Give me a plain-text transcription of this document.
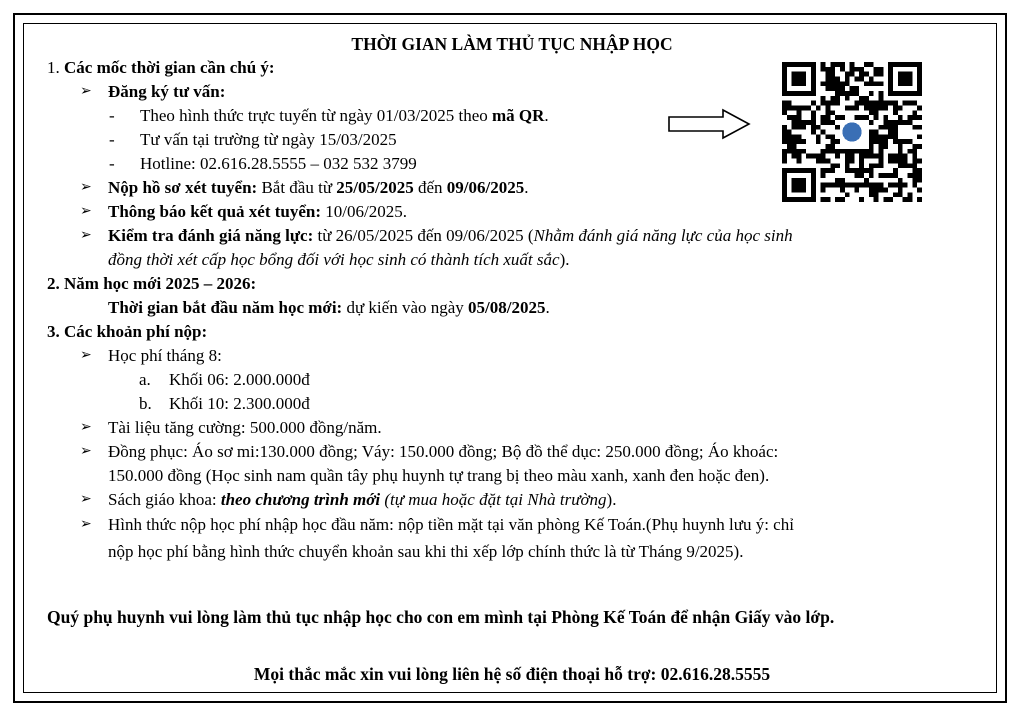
THỜI GIAN LÀM THỦ TỤC NHẬP HỌC
1. Các mốc thời gian cần chú ý:
➢ Đăng ký tư vấn:
- Theo hình thức trực tuyến từ ngày 01/03/2025 theo mã QR.
- Tư vấn tại trường từ ngày 15/03/2025
- Hotline: 02.616.28.5555 – 032 532 3799
➢ Nộp hồ sơ xét tuyển: Bắt đầu từ 25/05/2025 đến 09/06/2025.
➢ Thông báo kết quả xét tuyển: 10/06/2025.
➢ Kiểm tra đánh giá năng lực: từ 26/05/2025 đến 09/06/2025 (Nhằm đánh giá năng lực của học sinh
đồng thời xét cấp học bổng đối với học sinh có thành tích xuất sắc).
2. Năm học mới 2025 – 2026:
Thời gian bắt đầu năm học mới: dự kiến vào ngày 05/08/2025.
3. Các khoản phí nộp:
➢ Học phí tháng 8:
a. Khối 06: 2.000.000đ
b. Khối 10: 2.300.000đ
➢ Tài liệu tăng cường: 500.000 đồng/năm.
➢ Đồng phục: Áo sơ mi:130.000 đồng; Váy: 150.000 đồng; Bộ đồ thể dục: 250.000 đồng; Áo khoác:
150.000 đồng (Học sinh nam quần tây phụ huynh tự trang bị theo màu xanh, xanh đen hoặc đen).
➢ Sách giáo khoa: theo chương trình mới (tự mua hoặc đặt tại Nhà trường).
➢ Hình thức nộp học phí nhập học đầu năm: nộp tiền mặt tại văn phòng Kế Toán.(Phụ huynh lưu ý: chỉ
nộp học phí bằng hình thức chuyển khoản sau khi thi xếp lớp chính thức là từ Tháng 9/2025).
Quý phụ huynh vui lòng làm thủ tục nhập học cho con em mình tại Phòng Kế Toán để nhận Giấy vào lớp.
Mọi thắc mắc xin vui lòng liên hệ số điện thoại hỗ trợ: 02.616.28.5555
